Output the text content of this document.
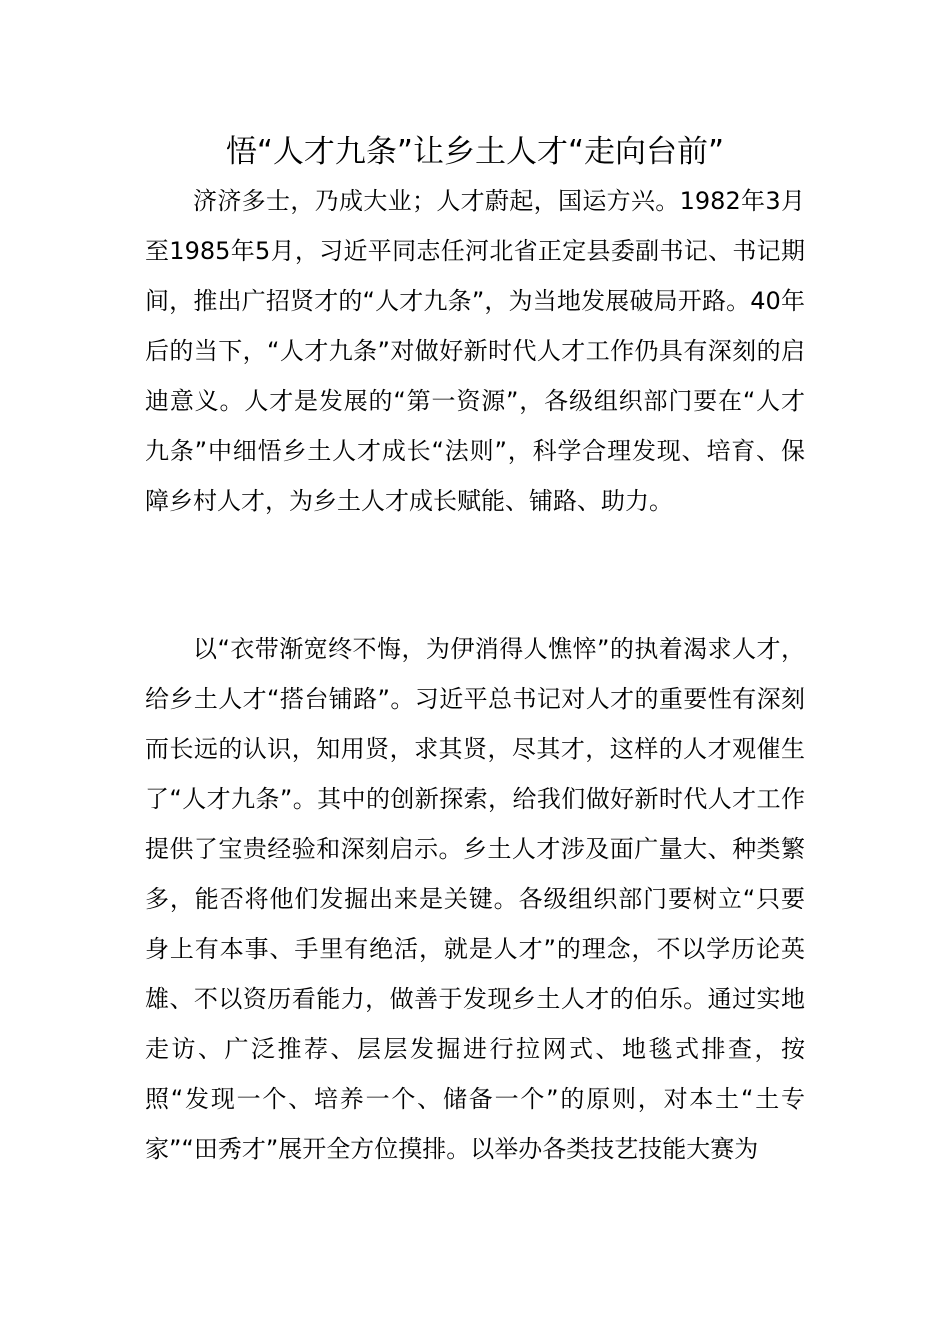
悟“人才九条”让乡土人才“走向台前”

济济多士，乃成大业；人才蔚起，国运方兴。1982年3月至1985年5月，习近平同志任河北省正定县委副书记、书记期间，推出广招贤才的“人才九条”，为当地发展破局开路。40年后的当下，“人才九条”对做好新时代人才工作仍具有深刻的启迪意义。人才是发展的“第一资源”，各级组织部门要在“人才九条”中细悟乡土人才成长“法则”，科学合理发现、培育、保障乡村人才，为乡土人才成长赋能、铺路、助力。

以“衣带渐宽终不悔，为伊消得人憔悴”的执着渴求人才，给乡土人才“搭台铺路”。习近平总书记对人才的重要性有深刻而长远的认识，知用贤，求其贤，尽其才，这样的人才观催生了“人才九条”。其中的创新探索，给我们做好新时代人才工作提供了宝贵经验和深刻启示。乡土人才涉及面广量大、种类繁多，能否将他们发掘出来是关键。各级组织部门要树立“只要身上有本事、手里有绝活，就是人才”的理念，不以学历论英雄、不以资历看能力，做善于发现乡土人才的伯乐。通过实地走访、广泛推荐、层层发掘进行拉网式、地毯式排查，按照“发现一个、培养一个、储备一个”的原则，对本土“土专家”“田秀才”展开全方位摸排。以举办各类技艺技能大赛为
